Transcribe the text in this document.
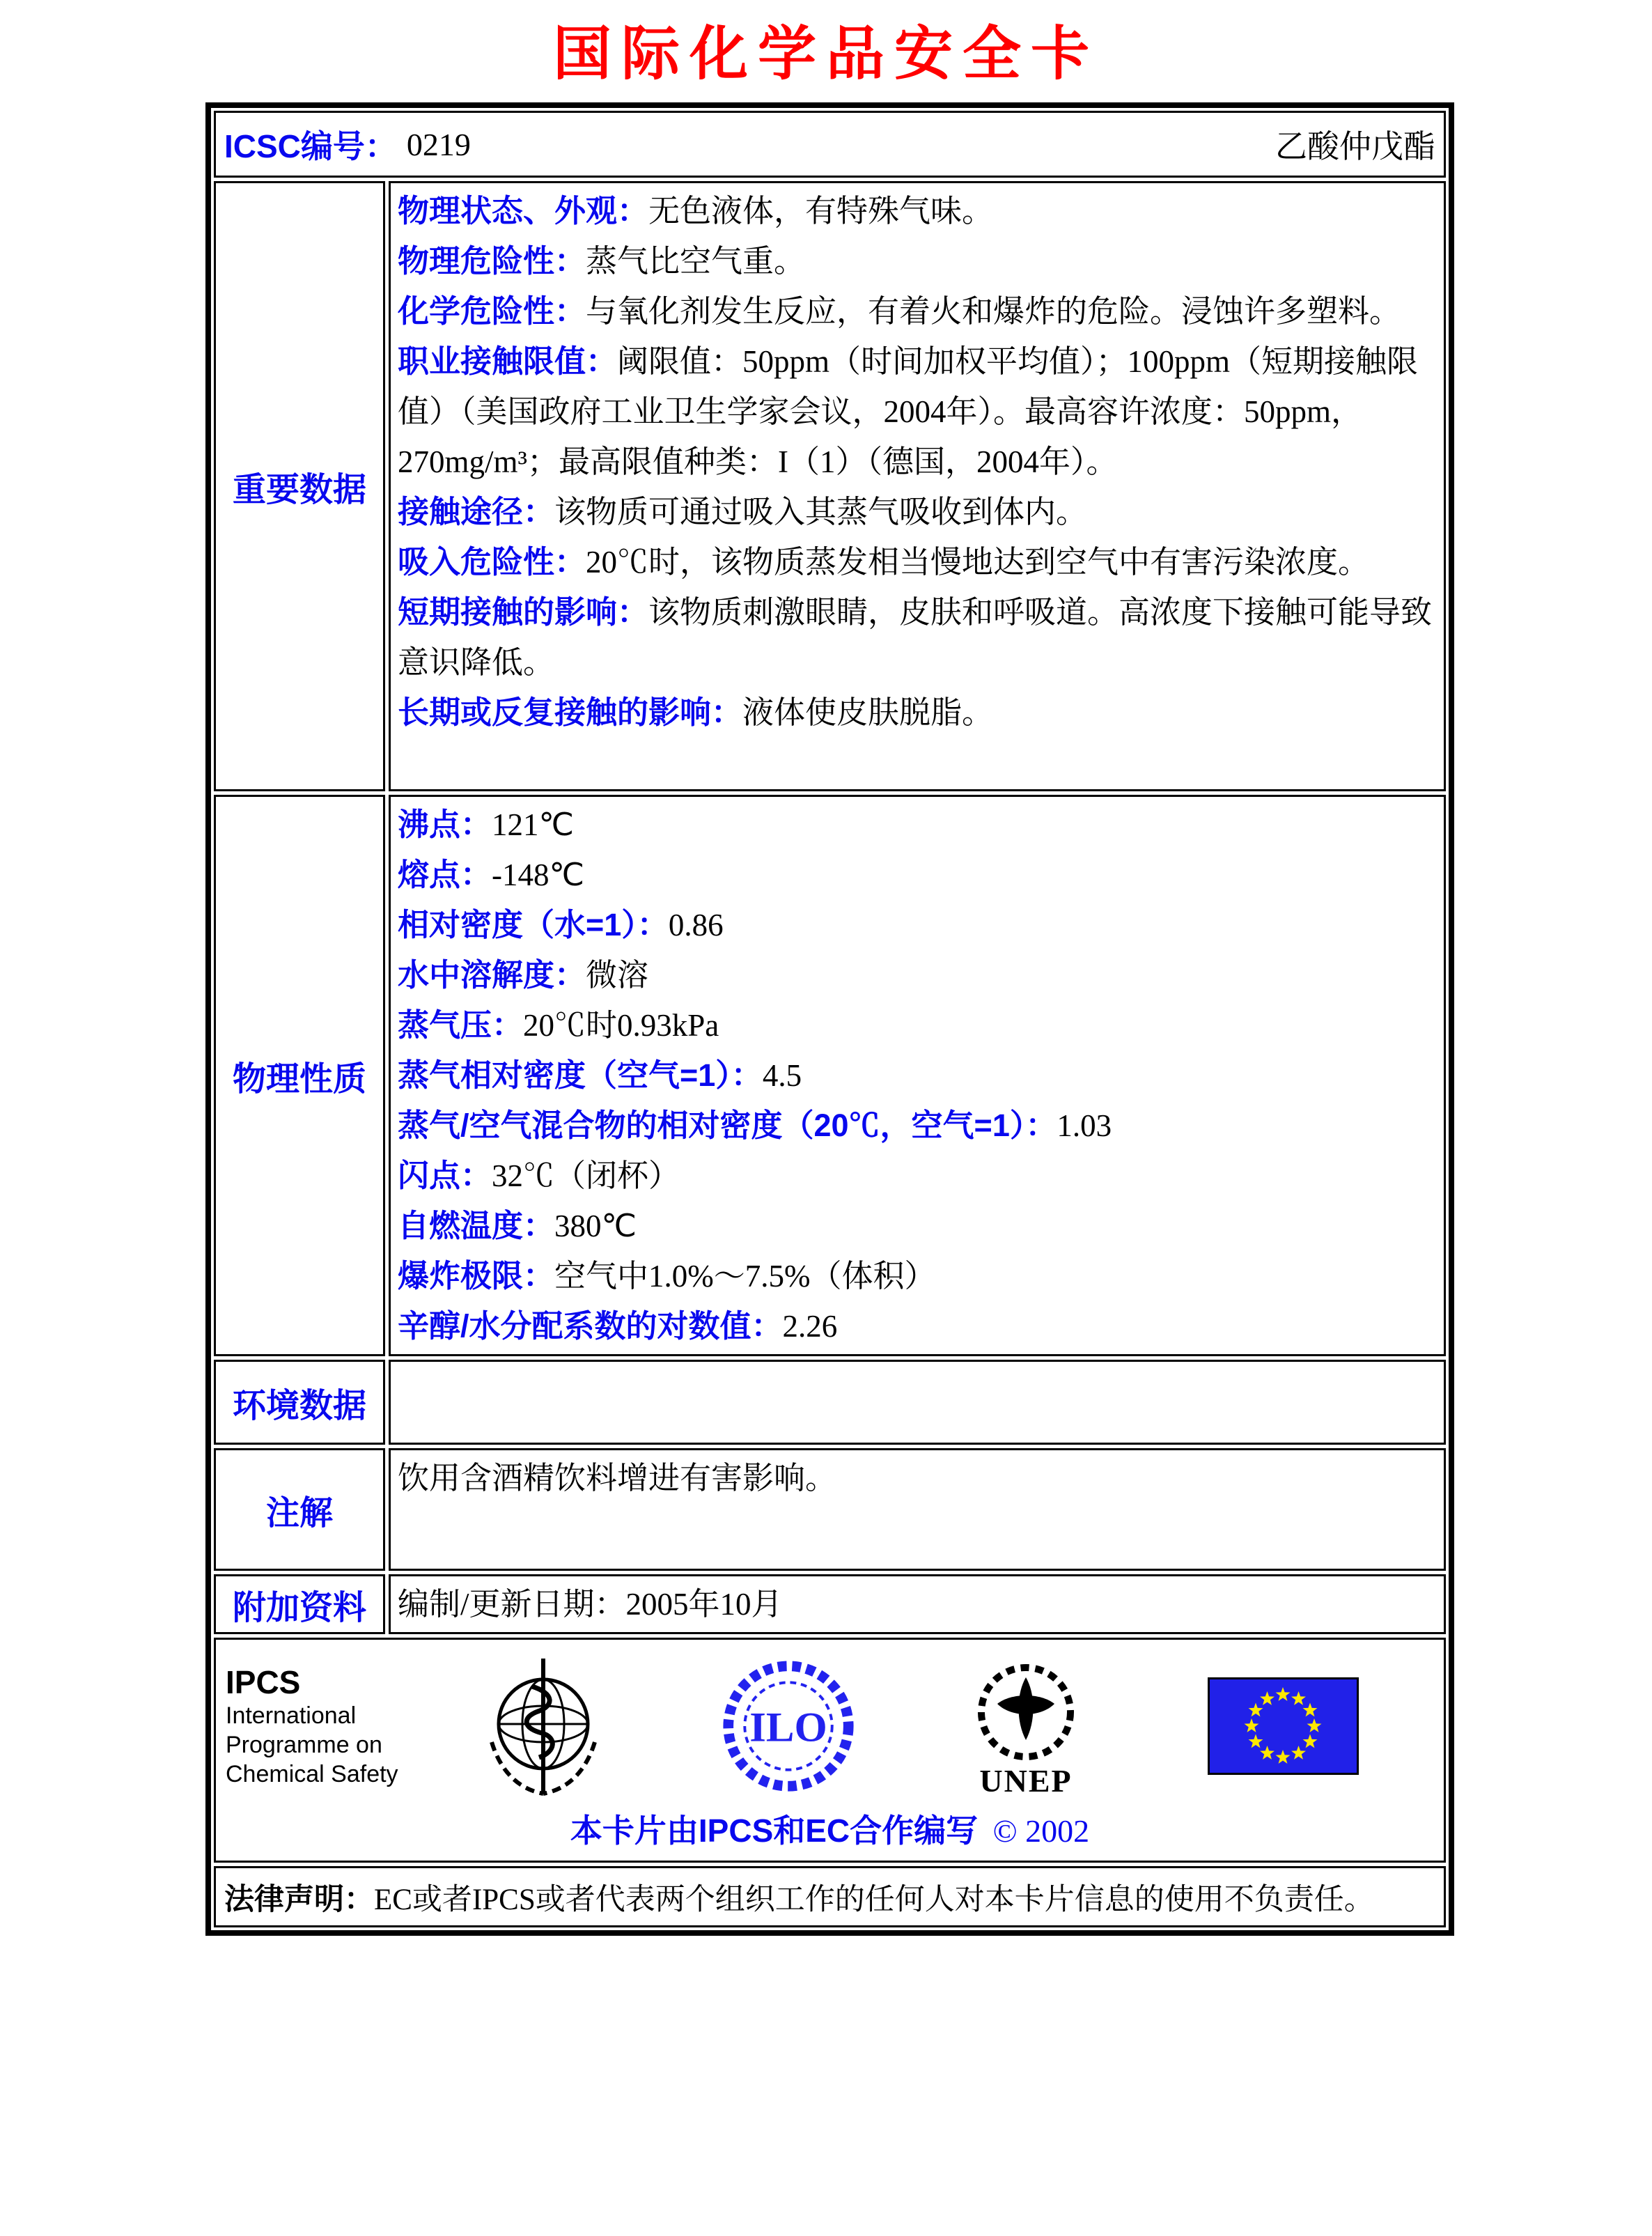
国际化学品安全卡
ICSC编号： 0219	乙酸仲戊酯
重要数据
物理状态、外观：无色液体，有特殊气味。
物理危险性：蒸气比空气重。
化学危险性：与氧化剂发生反应，有着火和爆炸的危险。浸蚀许多塑料。
职业接触限值：阈限值：50ppm（时间加权平均值）；100ppm（短期接触限值）（美国政府工业卫生学家会议，2004年）。最高容许浓度：50ppm，270mg/m³；最高限值种类：I（1）（德国，2004年）。
接触途径：该物质可通过吸入其蒸气吸收到体内。
吸入危险性：20℃时，该物质蒸发相当慢地达到空气中有害污染浓度。
短期接触的影响：该物质刺激眼睛，皮肤和呼吸道。高浓度下接触可能导致意识降低。
长期或反复接触的影响：液体使皮肤脱脂。
物理性质
沸点：121℃
熔点：-148℃
相对密度（水=1）：0.86
水中溶解度：微溶
蒸气压：20℃时0.93kPa
蒸气相对密度（空气=1）：4.5
蒸气/空气混合物的相对密度（20℃，空气=1）：1.03
闪点：32℃（闭杯）
自燃温度：380℃
爆炸极限：空气中1.0%～7.5%（体积）
辛醇/水分配系数的对数值：2.26
环境数据
注解
饮用含酒精饮料增进有害影响。
附加资料 编制/更新日期： 2005年10月
IPCS
International
Programme on
Chemical Safety
ILO
UNEP
本卡片由IPCS和EC合作编写 © 2002
法律声明： EC或者IPCS或者代表两个组织工作的任何人对本卡片信息的使用不负责任。
